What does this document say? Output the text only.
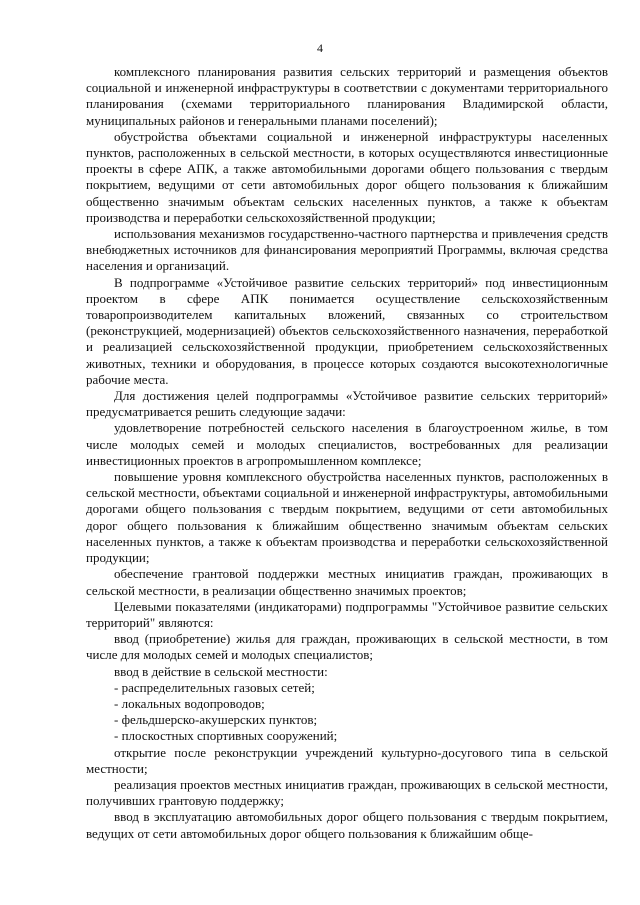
4

комплексного планирования развития сельских территорий и размещения объектов социальной и инженерной инфраструктуры в соответствии с документами территориального планирования (схемами территориального планирования Владимирской области, муниципальных районов и генеральными планами поселений);

обустройства объектами социальной и инженерной инфраструктуры населенных пунктов, расположенных в сельской местности, в которых осуществляются инвестиционные проекты в сфере АПК, а также автомобильными дорогами общего пользования с твердым покрытием, ведущими от сети автомобильных дорог общего пользования к ближайшим общественно значимым объектам сельских населенных пунктов, а также к объектам производства и переработки сельскохозяйственной продукции;

использования механизмов государственно-частного партнерства и привлечения средств внебюджетных источников для финансирования мероприятий Программы, включая средства населения и организаций.

В подпрограмме «Устойчивое развитие сельских территорий» под инвестиционным проектом в сфере АПК понимается осуществление сельскохозяйственным товаропроизводителем капитальных вложений, связанных со строительством (реконструкцией, модернизацией) объектов сельскохозяйственного назначения, переработкой и реализацией сельскохозяйственной продукции, приобретением сельскохозяйственных животных, техники и оборудования, в процессе которых создаются высокотехнологичные рабочие места.

Для достижения целей подпрограммы «Устойчивое развитие сельских территорий» предусматривается решить следующие задачи:

удовлетворение потребностей сельского населения в благоустроенном жилье, в том числе молодых семей и молодых специалистов, востребованных для реализации инвестиционных проектов в агропромышленном комплексе;

повышение уровня комплексного обустройства населенных пунктов, расположенных в сельской местности, объектами социальной и инженерной инфраструктуры, автомобильными дорогами общего пользования с твердым покрытием, ведущими от сети автомобильных дорог общего пользования к ближайшим общественно значимым объектам сельских населенных пунктов, а также к объектам производства и переработки сельскохозяйственной продукции;

обеспечение грантовой поддержки местных инициатив граждан, проживающих в сельской местности, в реализации общественно значимых проектов;

Целевыми показателями (индикаторами) подпрограммы "Устойчивое развитие сельских территорий" являются:

ввод (приобретение) жилья для граждан, проживающих в сельской местности, в том числе для молодых семей и молодых специалистов;

ввод в действие в сельской местности:

- распределительных газовых сетей;

- локальных водопроводов;

- фельдшерско-акушерских пунктов;

- плоскостных спортивных сооружений;

открытие после реконструкции учреждений культурно-досугового типа в сельской местности;

реализация проектов местных инициатив граждан, проживающих в сельской местности, получивших грантовую поддержку;

ввод в эксплуатацию автомобильных дорог общего пользования с твердым покрытием, ведущих от сети автомобильных дорог общего пользования к ближайшим обще-
